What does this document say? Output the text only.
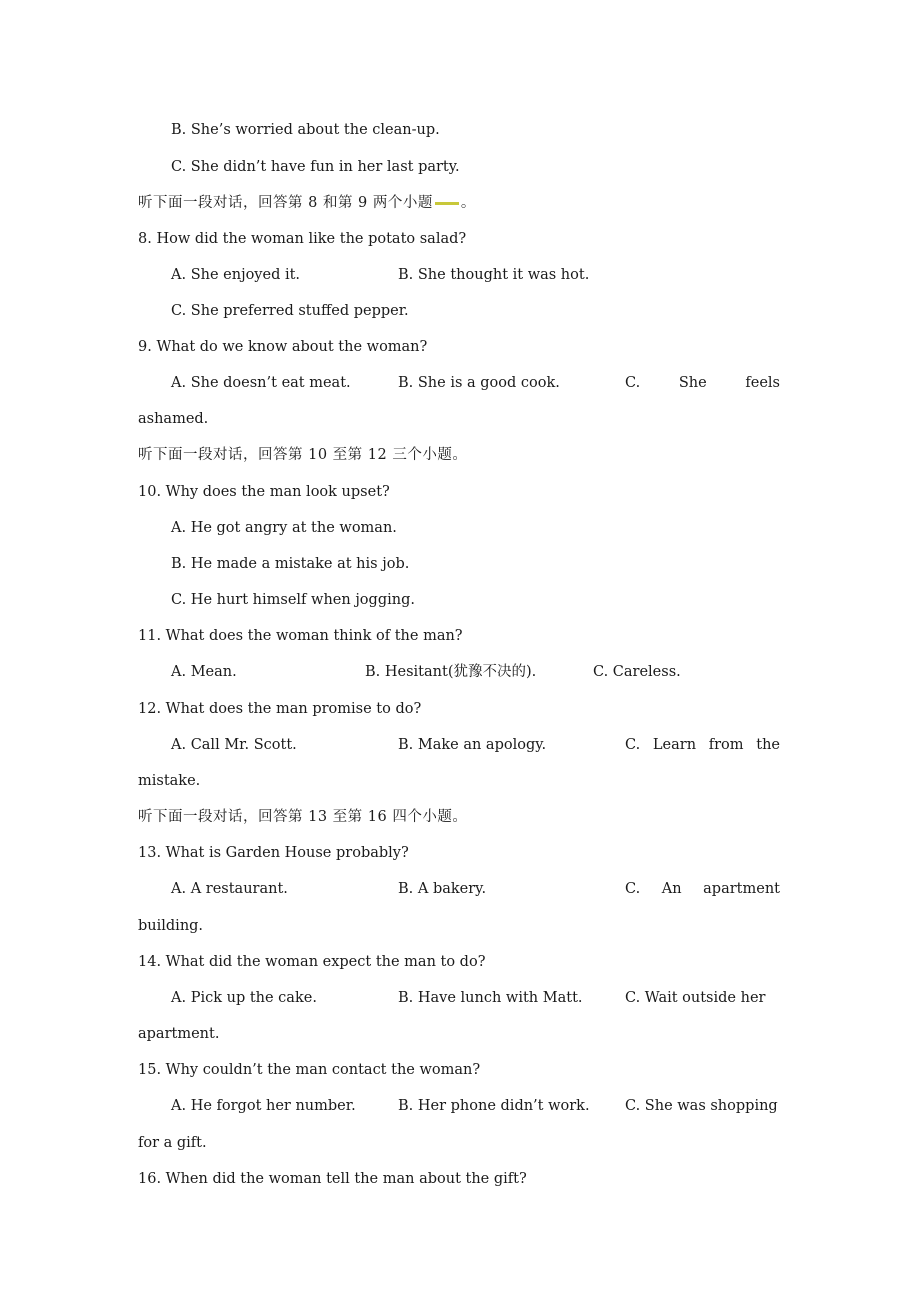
B. She’s worried about the clean-up.
C. She didn’t have fun in her last party.
听下面一段对话，回答第 8 和第 9 两个小题 。
8. How did the woman like the potato salad?
A. She enjoyed it.	B. She thought it was hot.
C. She preferred stuffed pepper.
9. What do we know about the woman?
A. She doesn’t eat meat.	B. She is a good cook.	C.	She	feels
ashamed.
听下面一段对话，回答第 10 至第 12 三个小题。
10. Why does the man look upset?
A. He got angry at the woman.
B. He made a mistake at his job.
C. He hurt himself when jogging.
11. What does the woman think of the man?
A. Mean.	B. Hesitant(犹豫不决的).	C. Careless.
12. What does the man promise to do?
A. Call Mr. Scott.	B. Make an apology.	C. Learn from the
mistake.
听下面一段对话，回答第 13 至第 16 四个小题。
13. What is Garden House probably?
A. A restaurant.	B. A bakery.	C. An apartment
building.
14. What did the woman expect the man to do?
A. Pick up the cake.	B. Have lunch with Matt.	C. Wait outside her
apartment.
15. Why couldn’t the man contact the woman?
A. He forgot her number.	B. Her phone didn’t work. C. She was shopping
for a gift.
16. When did the woman tell the man about the gift?
